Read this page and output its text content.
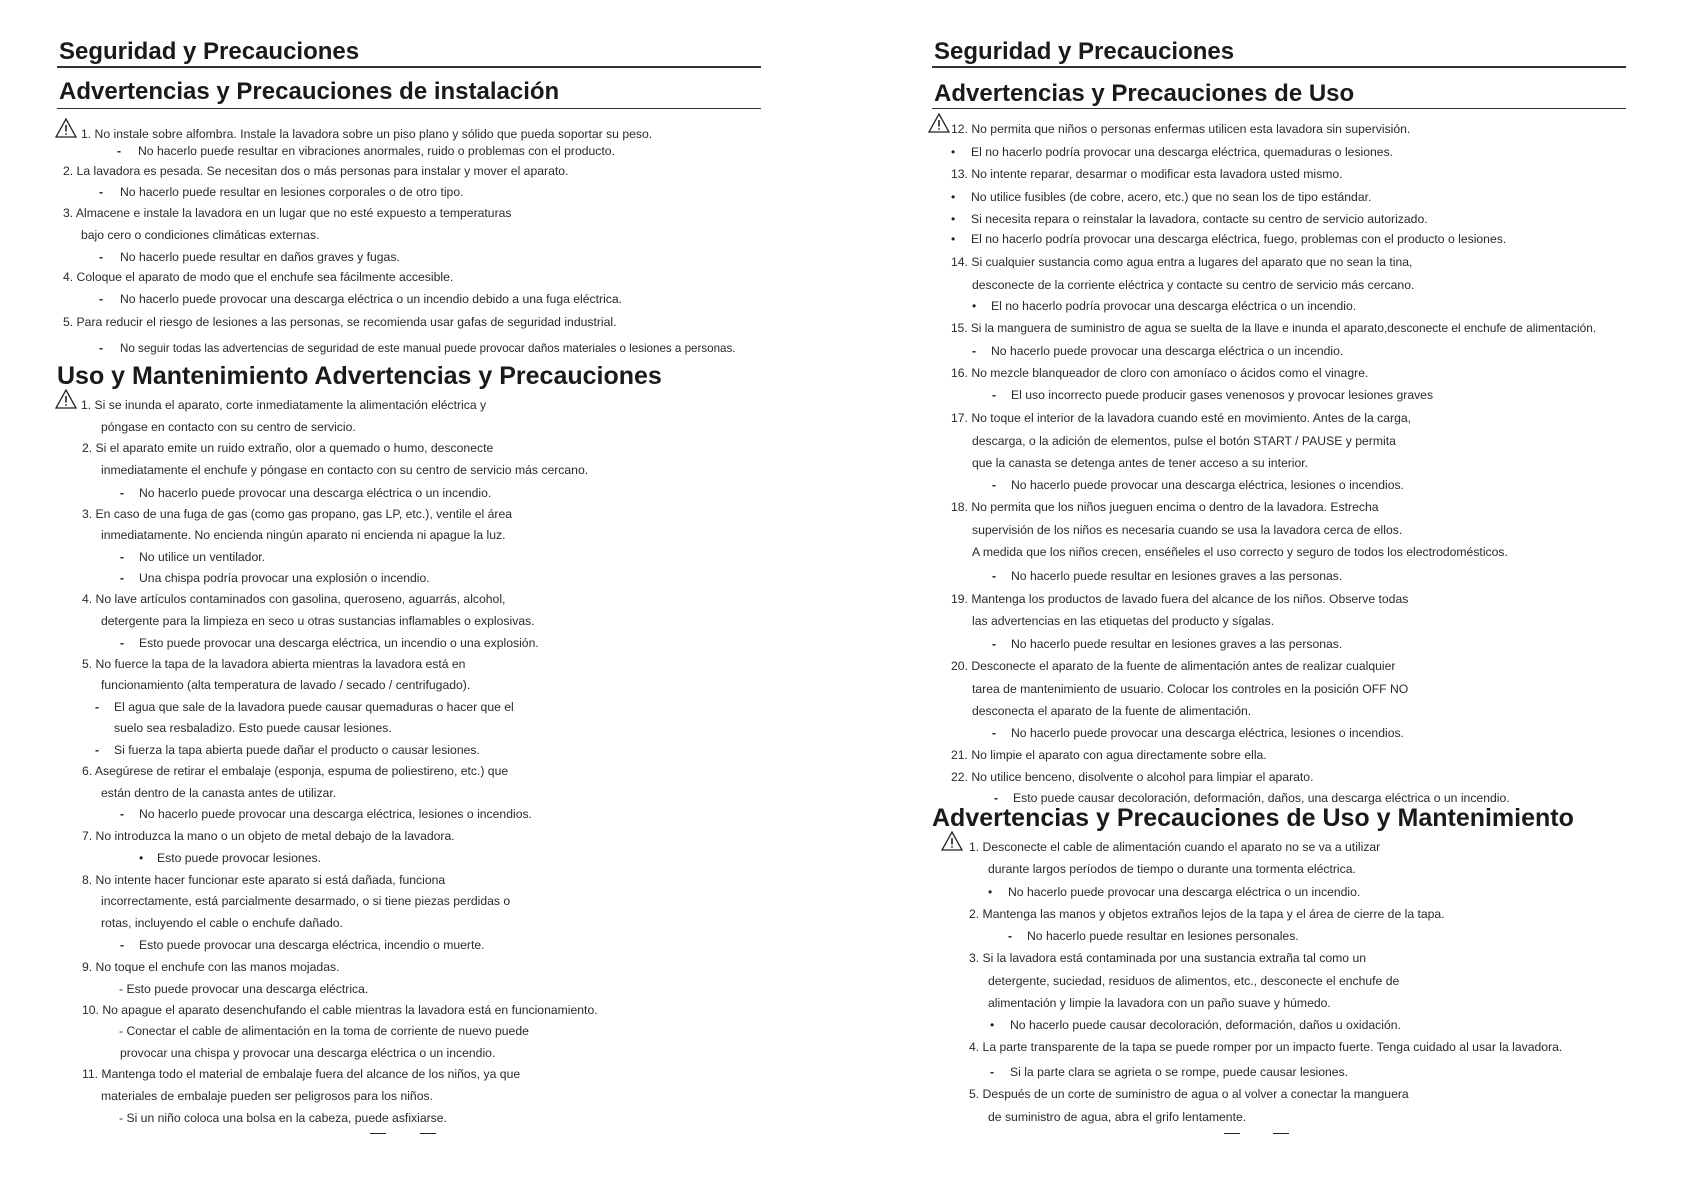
Seguridad y Precauciones
Advertencias y Precauciones de instalación
1. No instale sobre alfombra. Instale la lavadora sobre un piso plano y sólido que pueda soportar su peso.
- No hacerlo puede resultar en vibraciones anormales, ruido o problemas con el producto.
2. La lavadora es pesada. Se necesitan dos o más personas para instalar y mover el aparato.
- No hacerlo puede resultar en lesiones corporales o de otro tipo.
3. Almacene e instale la lavadora en un lugar que no esté expuesto a temperaturas
bajo cero o condiciones climáticas externas.
- No hacerlo puede resultar en daños graves y fugas.
4. Coloque el aparato de modo que el enchufe sea fácilmente accesible.
- No hacerlo puede provocar una descarga eléctrica o un incendio debido a una fuga eléctrica.
5. Para reducir el riesgo de lesiones a las personas, se recomienda usar gafas de seguridad industrial.
- No seguir todas las advertencias de seguridad de este manual puede provocar daños materiales o lesiones a personas.
Uso y Mantenimiento Advertencias y Precauciones
1. Si se inunda el aparato, corte inmediatamente la alimentación eléctrica y
póngase en contacto con su centro de servicio.
2. Si el aparato emite un ruido extraño, olor a quemado o humo, desconecte
inmediatamente el enchufe y póngase en contacto con su centro de servicio más cercano.
- No hacerlo puede provocar una descarga eléctrica o un incendio.
3. En caso de una fuga de gas (como gas propano, gas LP, etc.), ventile el área
inmediatamente. No encienda ningún aparato ni encienda ni apague la luz.
- No utilice un ventilador.
- Una chispa podría provocar una explosión o incendio.
4. No lave artículos contaminados con gasolina, queroseno, aguarrás, alcohol,
detergente para la limpieza en seco u otras sustancias inflamables o explosivas.
- Esto puede provocar una descarga eléctrica, un incendio o una explosión.
5. No fuerce la tapa de la lavadora abierta mientras la lavadora está en
funcionamiento (alta temperatura de lavado / secado / centrifugado).
- El agua que sale de la lavadora puede causar quemaduras o hacer que el
suelo sea resbaladizo. Esto puede causar lesiones.
- Si fuerza la tapa abierta puede dañar el producto o causar lesiones.
6. Asegúrese de retirar el embalaje (esponja, espuma de poliestireno, etc.) que
están dentro de la canasta antes de utilizar.
- No hacerlo puede provocar una descarga eléctrica, lesiones o incendios.
7. No introduzca la mano o un objeto de metal debajo de la lavadora.
• Esto puede provocar lesiones.
8. No intente hacer funcionar este aparato si está dañada, funciona
incorrectamente, está parcialmente desarmado, o si tiene piezas perdidas o
rotas, incluyendo el cable o enchufe dañado.
- Esto puede provocar una descarga eléctrica, incendio o muerte.
9. No toque el enchufe con las manos mojadas.
- Esto puede provocar una descarga eléctrica.
10. No apague el aparato desenchufando el cable mientras la lavadora está en funcionamiento.
- Conectar el cable de alimentación en la toma de corriente de nuevo puede
provocar una chispa y provocar una descarga eléctrica o un incendio.
11. Mantenga todo el material de embalaje fuera del alcance de los niños, ya que
materiales de embalaje pueden ser peligrosos para los niños.
- Si un niño coloca una bolsa en la cabeza, puede asfixiarse.
Seguridad y Precauciones
Advertencias y Precauciones de Uso
12. No permita que niños o personas enfermas utilicen esta lavadora sin supervisión.
• El no hacerlo podría provocar una descarga eléctrica, quemaduras o lesiones.
13. No intente reparar, desarmar o modificar esta lavadora usted mismo.
• No utilice fusibles (de cobre, acero, etc.) que no sean los de tipo estándar.
• Si necesita repara o reinstalar la lavadora, contacte su centro de servicio autorizado.
• El no hacerlo podría provocar una descarga eléctrica, fuego, problemas con el producto o lesiones.
14. Si cualquier sustancia como agua entra a lugares del aparato que no sean la tina,
desconecte de la corriente eléctrica y contacte su centro de servicio más cercano.
• El no hacerlo podría provocar una descarga eléctrica o un incendio.
15. Si la manguera de suministro de agua se suelta de la llave e inunda el aparato,desconecte el enchufe de alimentación.
- No hacerlo puede provocar una descarga eléctrica o un incendio.
16. No mezcle blanqueador de cloro con amoníaco o ácidos como el vinagre.
- El uso incorrecto puede producir gases venenosos y provocar lesiones graves
17. No toque el interior de la lavadora cuando esté en movimiento. Antes de la carga,
descarga, o la adición de elementos, pulse el botón START / PAUSE y permita
que la canasta se detenga antes de tener acceso a su interior.
- No hacerlo puede provocar una descarga eléctrica, lesiones o incendios.
18. No permita que los niños jueguen encima o dentro de la lavadora. Estrecha
supervisión de los niños es necesaria cuando se usa la lavadora cerca de ellos.
A medida que los niños crecen, enséñeles el uso correcto y seguro de todos los electrodomésticos.
- No hacerlo puede resultar en lesiones graves a las personas.
19. Mantenga los productos de lavado fuera del alcance de los niños. Observe todas
las advertencias en las etiquetas del producto y sígalas.
- No hacerlo puede resultar en lesiones graves a las personas.
20. Desconecte el aparato de la fuente de alimentación antes de realizar cualquier
tarea de mantenimiento de usuario. Colocar los controles en la posición OFF NO
desconecta el aparato de la fuente de alimentación.
- No hacerlo puede provocar una descarga eléctrica, lesiones o incendios.
21. No limpie el aparato con agua directamente sobre ella.
22. No utilice benceno, disolvente o alcohol para limpiar el aparato.
- Esto puede causar decoloración, deformación, daños, una descarga eléctrica o un incendio.
Advertencias y Precauciones de Uso y Mantenimiento
1. Desconecte el cable de alimentación cuando el aparato no se va a utilizar
durante largos períodos de tiempo o durante una tormenta eléctrica.
• No hacerlo puede provocar una descarga eléctrica o un incendio.
2. Mantenga las manos y objetos extraños lejos de la tapa y el área de cierre de la tapa.
- No hacerlo puede resultar en lesiones personales.
3. Si la lavadora está contaminada por una sustancia extraña tal como un
detergente, suciedad, residuos de alimentos, etc., desconecte el enchufe de
alimentación y limpie la lavadora con un paño suave y húmedo.
• No hacerlo puede causar decoloración, deformación, daños u oxidación.
4. La parte transparente de la tapa se puede romper por un impacto fuerte. Tenga cuidado al usar la lavadora.
- Si la parte clara se agrieta o se rompe, puede causar lesiones.
5. Después de un corte de suministro de agua o al volver a conectar la manguera
de suministro de agua, abra el grifo lentamente.
